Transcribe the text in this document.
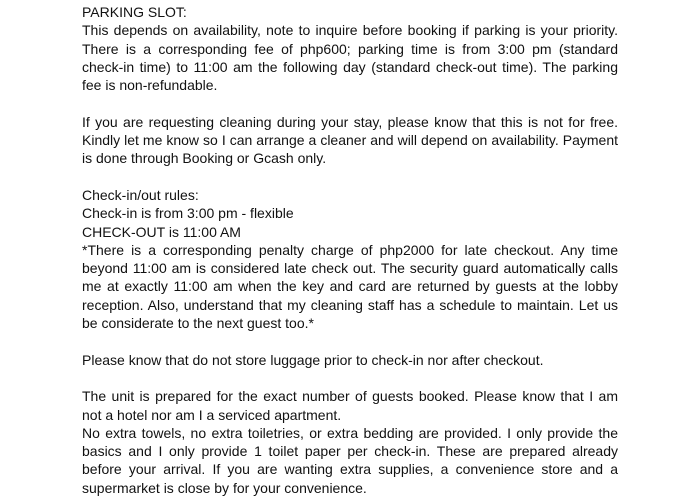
PARKING SLOT:

This depends on availability, note to inquire before booking if parking is your priority. There is a corresponding fee of php600; parking time is from 3:00 pm (standard check-in time) to 11:00 am the following day (standard check-out time). The parking fee is non-refundable.

If you are requesting cleaning during your stay, please know that this is not for free. Kindly let me know so I can arrange a cleaner and will depend on availability. Payment is done through Booking or Gcash only.

Check-in/out rules:

Check-in is from 3:00 pm - flexible

CHECK-OUT is 11:00 AM

*There is a corresponding penalty charge of php2000 for late checkout. Any time beyond 11:00 am is considered late check out. The security guard automatically calls me at exactly 11:00 am when the key and card are returned by guests at the lobby reception. Also, understand that my cleaning staff has a schedule to maintain. Let us be considerate to the next guest too.*

Please know that do not store luggage prior to check-in nor after checkout.

The unit is prepared for the exact number of guests booked. Please know that I am not a hotel nor am I a serviced apartment.

No extra towels, no extra toiletries, or extra bedding are provided. I only provide the basics and I only provide 1 toilet paper per check-in. These are prepared already before your arrival. If you are wanting extra supplies, a convenience store and a supermarket is close by for your convenience.
